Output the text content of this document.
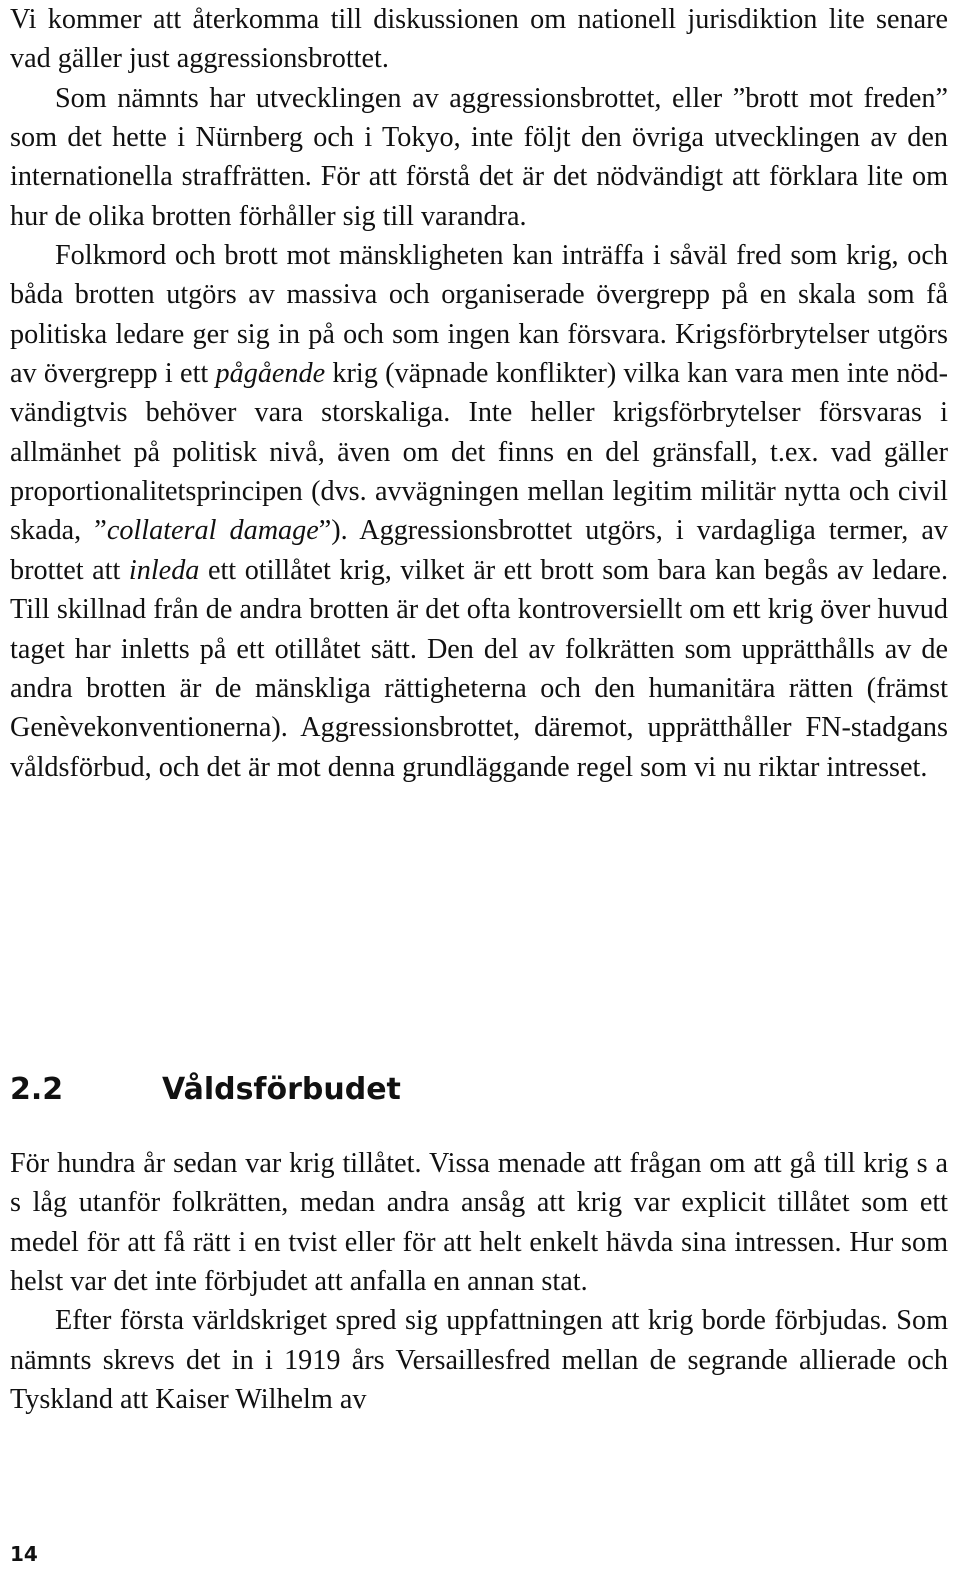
Vi kommer att återkomma till diskussionen om nationell jurisdiktion lite senare vad gäller just aggressionsbrottet.

Som nämnts har utvecklingen av aggressionsbrottet, eller ”brott mot freden” som det hette i Nürnberg och i Tokyo, inte följt den övriga utvecklingen av den internationella straffrätten. För att förstå det är det nödvändigt att förklara lite om hur de olika brotten förhåller sig till varandra.

Folkmord och brott mot mänskligheten kan inträffa i såväl fred som krig, och båda brotten utgörs av massiva och organiserade övergrepp på en skala som få politiska ledare ger sig in på och som ingen kan försvara. Krigsförbrytelser utgörs av övergrepp i ett pågående krig (väpnade konflikter) vilka kan vara men inte nödvändigtvis behöver vara storskaliga. Inte heller krigsförbrytelser försvaras i allmänhet på politisk nivå, även om det finns en del gränsfall, t.ex. vad gäller proportionalitetsprincipen (dvs. avvägningen mellan legitim militär nytta och civil skada, ”collateral damage”). Aggressionsbrottet utgörs, i vardagliga termer, av brottet att inleda ett otillåtet krig, vilket är ett brott som bara kan begås av ledare. Till skillnad från de andra brotten är det ofta kontroversiellt om ett krig över huvud taget har inletts på ett otillåtet sätt. Den del av folkrätten som upprätthålls av de andra brotten är de mänskliga rättigheterna och den humanitära rätten (främst Genèvekonventionerna). Aggressionsbrottet, däremot, upprätthåller FN-stadgans våldsförbud, och det är mot denna grundläggande regel som vi nu riktar intresset.

2.2	Våldsförbudet

För hundra år sedan var krig tillåtet. Vissa menade att frågan om att gå till krig s a s låg utanför folkrätten, medan andra ansåg att krig var explicit tillåtet som ett medel för att få rätt i en tvist eller för att helt enkelt hävda sina intressen. Hur som helst var det inte förbjudet att anfalla en annan stat.

Efter första världskriget spred sig uppfattningen att krig borde förbjudas. Som nämnts skrevs det in i 1919 års Versaillesfred mellan de segrande allierade och Tyskland att Kaiser Wilhelm av

14
